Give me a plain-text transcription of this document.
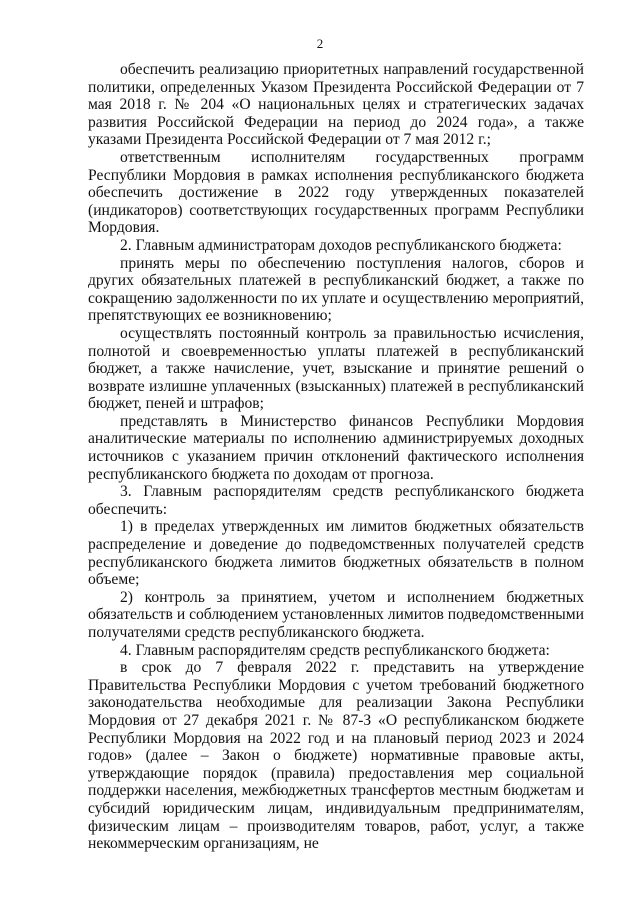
2

обеспечить реализацию приоритетных направлений государственной политики, определенных Указом Президента Российской Федерации от 7 мая 2018 г. № 204 «О национальных целях и стратегических задачах развития Российской Федерации на период до 2024 года», а также указами Президента Российской Федерации от 7 мая 2012 г.;

ответственным исполнителям государственных программ Республики Мордовия в рамках исполнения республиканского бюджета обеспечить достижение в 2022 году утвержденных показателей (индикаторов) соответствующих государственных программ Республики Мордовия.

2. Главным администраторам доходов республиканского бюджета:

принять меры по обеспечению поступления налогов, сборов и других обязательных платежей в республиканский бюджет, а также по сокращению задолженности по их уплате и осуществлению мероприятий, препятствующих ее возникновению;

осуществлять постоянный контроль за правильностью исчисления, полнотой и своевременностью уплаты платежей в республиканский бюджет, а также начисление, учет, взыскание и принятие решений о возврате излишне уплаченных (взысканных) платежей в республиканский бюджет, пеней и штрафов;

представлять в Министерство финансов Республики Мордовия аналитические материалы по исполнению администрируемых доходных источников с указанием причин отклонений фактического исполнения республиканского бюджета по доходам от прогноза.

3. Главным распорядителям средств республиканского бюджета обеспечить:

1) в пределах утвержденных им лимитов бюджетных обязательств распределение и доведение до подведомственных получателей средств республиканского бюджета лимитов бюджетных обязательств в полном объеме;

2) контроль за принятием, учетом и исполнением бюджетных обязательств и соблюдением установленных лимитов подведомственными получателями средств республиканского бюджета.

4. Главным распорядителям средств республиканского бюджета:

в срок до 7 февраля 2022 г. представить на утверждение Правительства Республики Мордовия с учетом требований бюджетного законодательства необходимые для реализации Закона Республики Мордовия от 27 декабря 2021 г. № 87-З «О республиканском бюджете Республики Мордовия на 2022 год и на плановый период 2023 и 2024 годов» (далее – Закон о бюджете) нормативные правовые акты, утверждающие порядок (правила) предоставления мер социальной поддержки населения, межбюджетных трансфертов местным бюджетам и субсидий юридическим лицам, индивидуальным предпринимателям, физическим лицам – производителям товаров, работ, услуг, а также некоммерческим организациям, не
